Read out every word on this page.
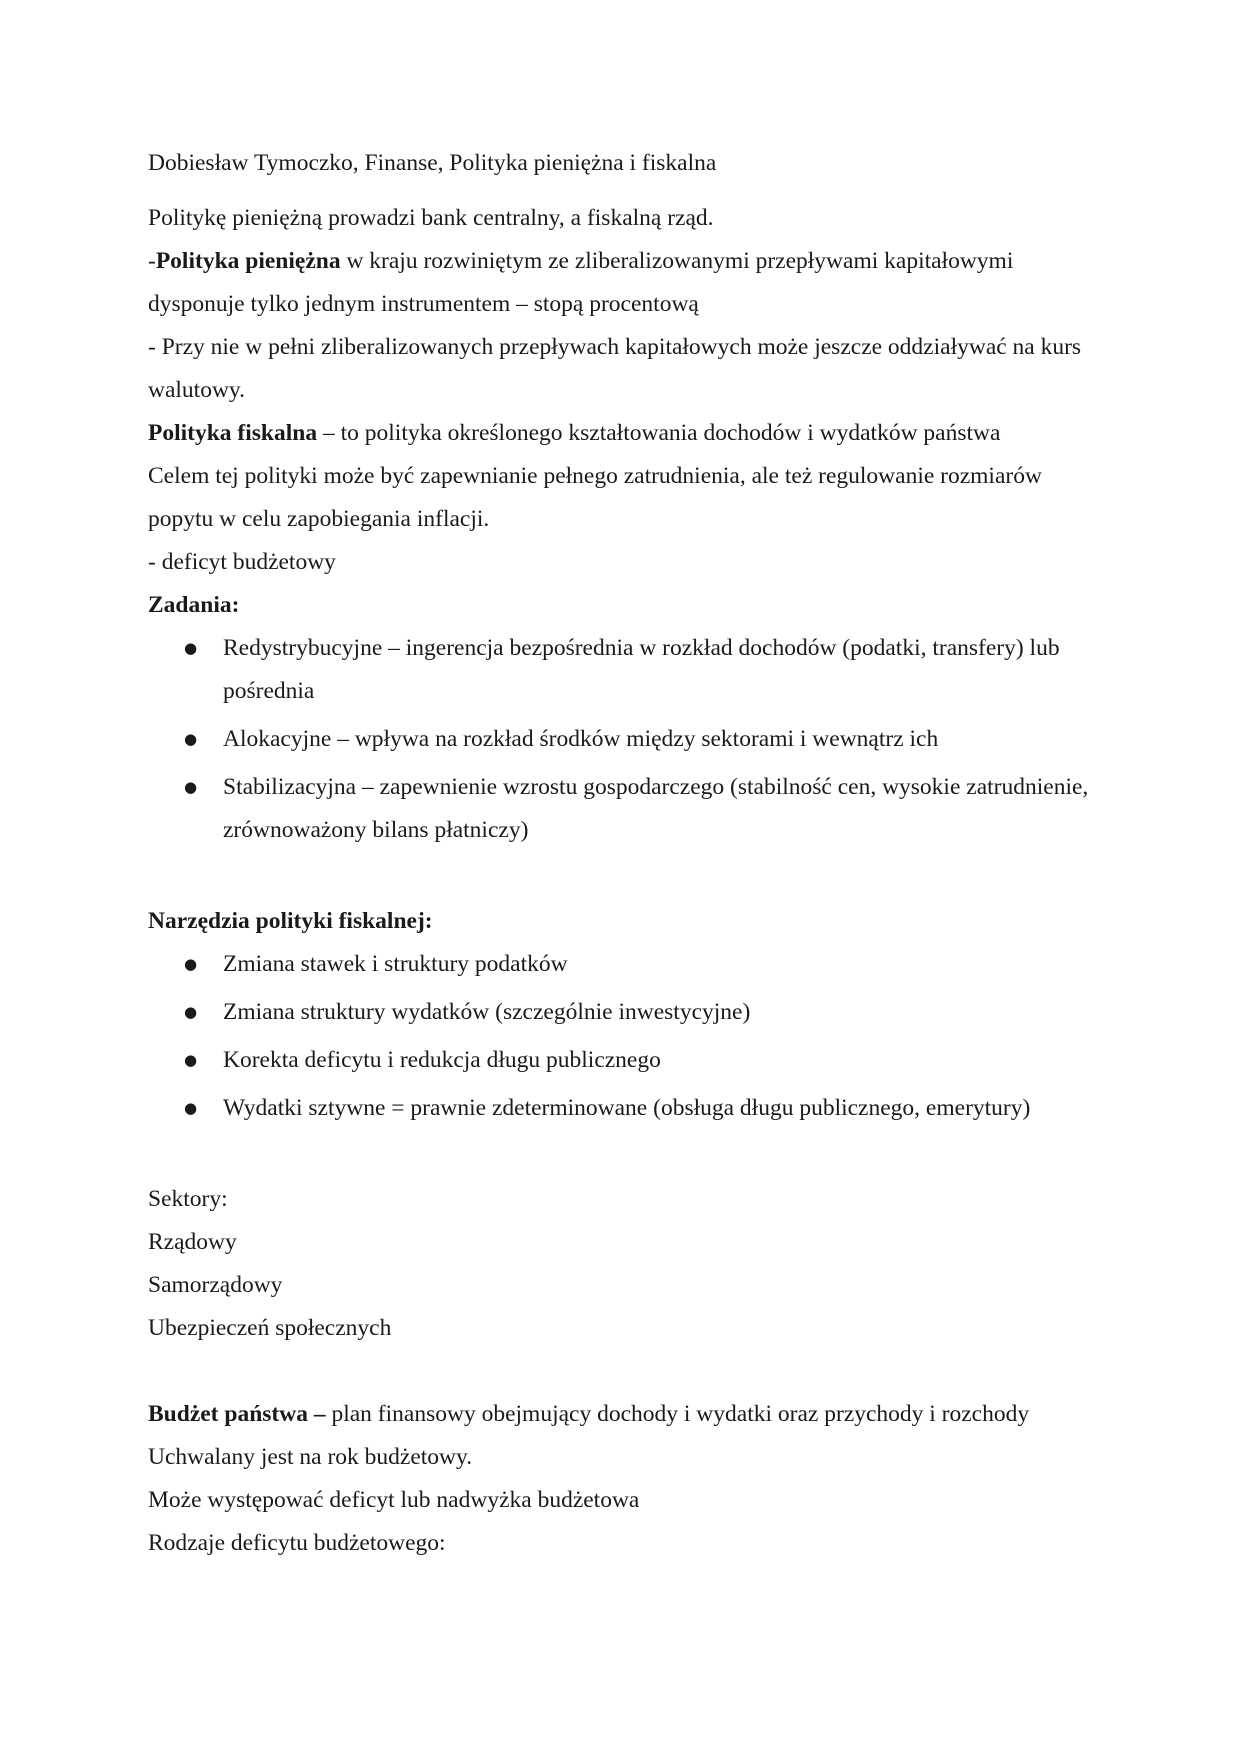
Dobiesław Tymoczko, Finanse, Polityka pieniężna i fiskalna

Politykę pieniężną prowadzi bank centralny, a fiskalną rząd.

-Polityka pieniężna w kraju rozwiniętym ze zliberalizowanymi przepływami kapitałowymi dysponuje tylko jednym instrumentem – stopą procentową

- Przy nie w pełni zliberalizowanych przepływach kapitałowych może jeszcze oddziaływać na kurs walutowy.

Polityka fiskalna – to polityka określonego kształtowania dochodów i wydatków państwa

Celem tej polityki może być zapewnianie pełnego zatrudnienia, ale też regulowanie rozmiarów popytu w celu zapobiegania inflacji.

- deficyt budżetowy

Zadania:

● Redystrybucyjne – ingerencja bezpośrednia w rozkład dochodów (podatki, transfery) lub pośrednia
● Alokacyjne – wpływa na rozkład środków między sektorami i wewnątrz ich
● Stabilizacyjna – zapewnienie wzrostu gospodarczego (stabilność cen, wysokie zatrudnienie, zrównoważony bilans płatniczy)

Narzędzia polityki fiskalnej:

● Zmiana stawek i struktury podatków
● Zmiana struktury wydatków (szczególnie inwestycyjne)
● Korekta deficytu i redukcja długu publicznego
● Wydatki sztywne = prawnie zdeterminowane (obsługa długu publicznego, emerytury)

Sektory:

Rządowy

Samorządowy

Ubezpieczeń społecznych

Budżet państwa – plan finansowy obejmujący dochody i wydatki oraz przychody i rozchody

Uchwalany jest na rok budżetowy.

Może występować deficyt lub nadwyżka budżetowa

Rodzaje deficytu budżetowego:
